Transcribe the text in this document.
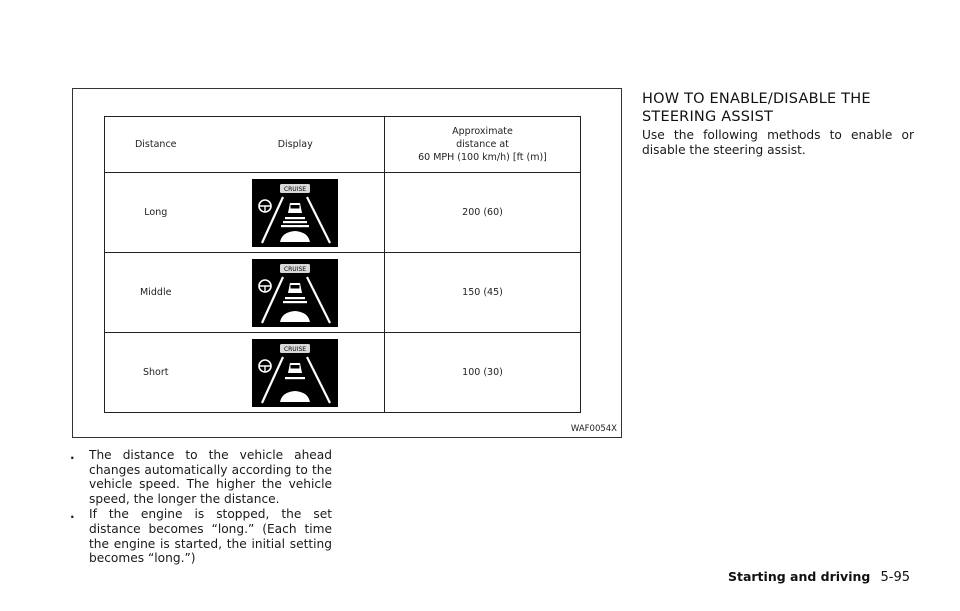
WAF0054X
Distance	Display	Approximate
distance at
60 MPH (100 km/h) [ft (m)]
Long	CRUISE	200 (60)
Middle	CRUISE	150 (45)
Short	CRUISE	100 (30)
. The distance to the vehicle ahead changes automatically according to the vehicle speed. The higher the vehicle speed, the longer the distance.
. If the engine is stopped, the set distance becomes “long.” (Each time the engine is started, the initial setting becomes “long.”)
HOW TO ENABLE/DISABLE THE STEERING ASSIST
Use the following methods to enable or disable the steering assist.
Starting and driving 5-95
